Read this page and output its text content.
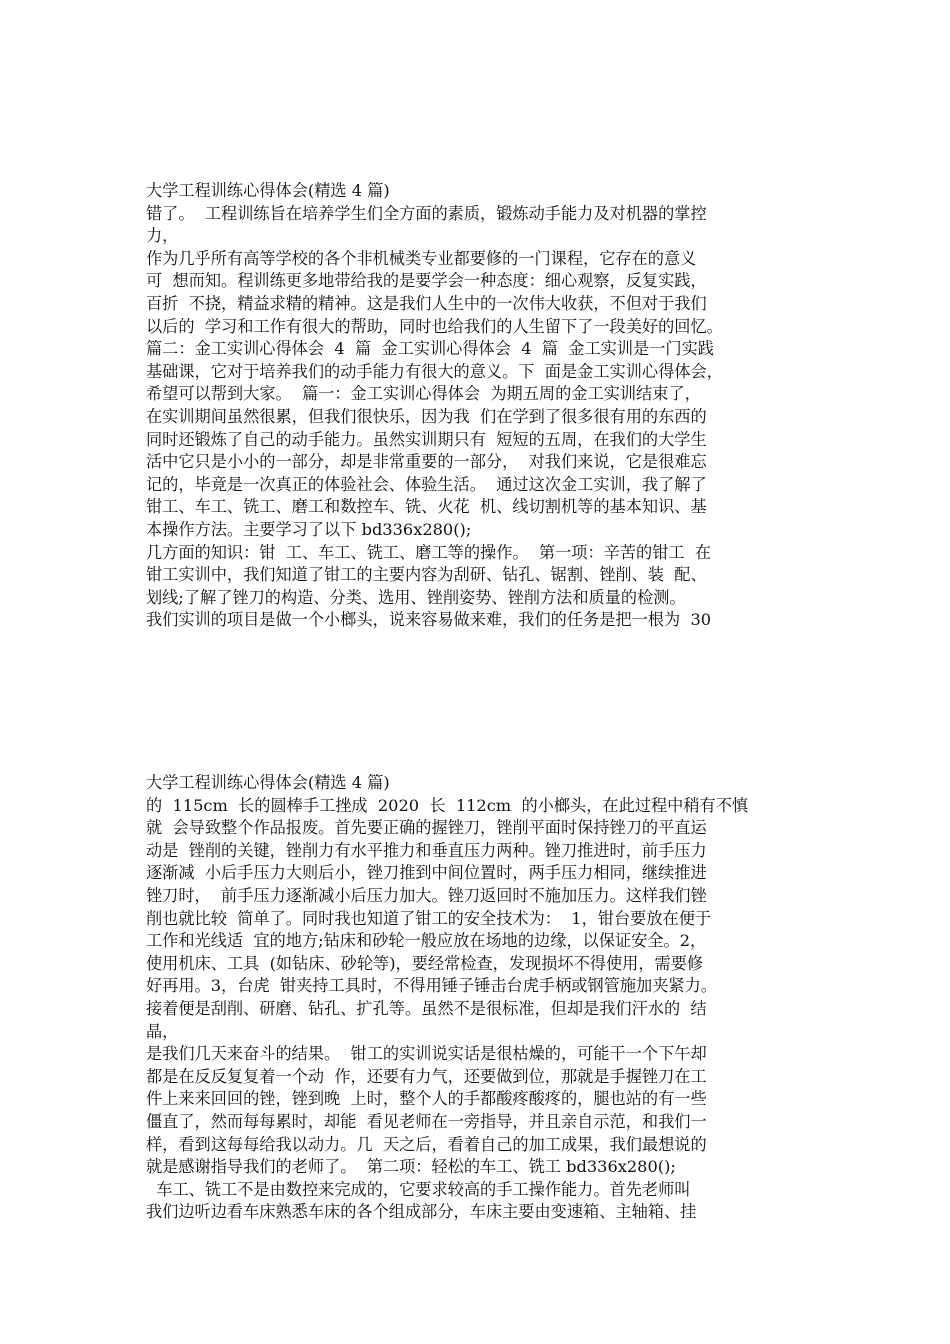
大学工程训练心得体会(精选 4 篇)
错了。  工程训练旨在培养学生们全方面的素质，锻炼动手能力及对机器的掌控
力，
作为几乎所有高等学校的各个非机械类专业都要修的一门课程，它存在的意义
可  想而知。程训练更多地带给我的是要学会一种态度：细心观察，反复实践，
百折  不挠，精益求精的精神。这是我们人生中的一次伟大收获，不但对于我们
以后的  学习和工作有很大的帮助，同时也给我们的人生留下了一段美好的回忆。
篇二：金工实训心得体会  4  篇  金工实训心得体会  4  篇  金工实训是一门实践
基础课，它对于培养我们的动手能力有很大的意义。下  面是金工实训心得体会，
希望可以帮到大家。  篇一：金工实训心得体会  为期五周的金工实训结束了，
在实训期间虽然很累，但我们很快乐，因为我  们在学到了很多很有用的东西的
同时还锻炼了自己的动手能力。虽然实训期只有  短短的五周，在我们的大学生
活中它只是小小的一部分，却是非常重要的一部分，  对我们来说，它是很难忘
记的，毕竟是一次真正的体验社会、体验生活。  通过这次金工实训，我了解了
钳工、车工、铣工、磨工和数控车、铣、火花  机、线切割机等的基本知识、基
本操作方法。主要学习了以下 bd336x280();
几方面的知识：钳  工、车工、铣工、磨工等的操作。  第一项：辛苦的钳工  在
钳工实训中，我们知道了钳工的主要内容为刮研、钻孔、锯割、锉削、装  配、
划线;了解了锉刀的构造、分类、选用、锉削姿势、锉削方法和质量的检测。
我们实训的项目是做一个小榔头，说来容易做来难，我们的任务是把一根为  30
大学工程训练心得体会(精选 4 篇)
的  115cm  长的圆棒手工挫成  2020  长  112cm  的小榔头，在此过程中稍有不慎
就  会导致整个作品报废。首先要正确的握锉刀，锉削平面时保持锉刀的平直运
动是  锉削的关键，锉削力有水平推力和垂直压力两种。锉刀推进时，前手压力
逐渐减  小后手压力大则后小，锉刀推到中间位置时，两手压力相同，继续推进
锉刀时，  前手压力逐渐减小后压力加大。锉刀返回时不施加压力。这样我们锉
削也就比较  简单了。同时我也知道了钳工的安全技术为：  1，钳台要放在便于
工作和光线适  宜的地方;钻床和砂轮一般应放在场地的边缘，以保证安全。2，
使用机床、工具  (如钻床、砂轮等)，要经常检查，发现损坏不得使用，需要修
好再用。3，台虎  钳夹持工具时，不得用锤子锤击台虎手柄或钢管施加夹紧力。
接着便是刮削、研磨、钻孔、扩孔等。虽然不是很标准，但却是我们汗水的  结
晶，
是我们几天来奋斗的结果。  钳工的实训说实话是很枯燥的，可能干一个下午却
都是在反反复复着一个动  作，还要有力气，还要做到位，那就是手握锉刀在工
件上来来回回的锉，锉到晚  上时，整个人的手都酸疼酸疼的，腿也站的有一些
僵直了，然而每每累时，却能  看见老师在一旁指导，并且亲自示范，和我们一
样，看到这每每给我以动力。几  天之后，看着自己的加工成果，我们最想说的
就是感谢指导我们的老师了。  第二项：轻松的车工、铣工 bd336x280();
车工、铣工不是由数控来完成的，它要求较高的手工操作能力。首先老师叫
我们边听边看车床熟悉车床的各个组成部分，车床主要由变速箱、主轴箱、挂
